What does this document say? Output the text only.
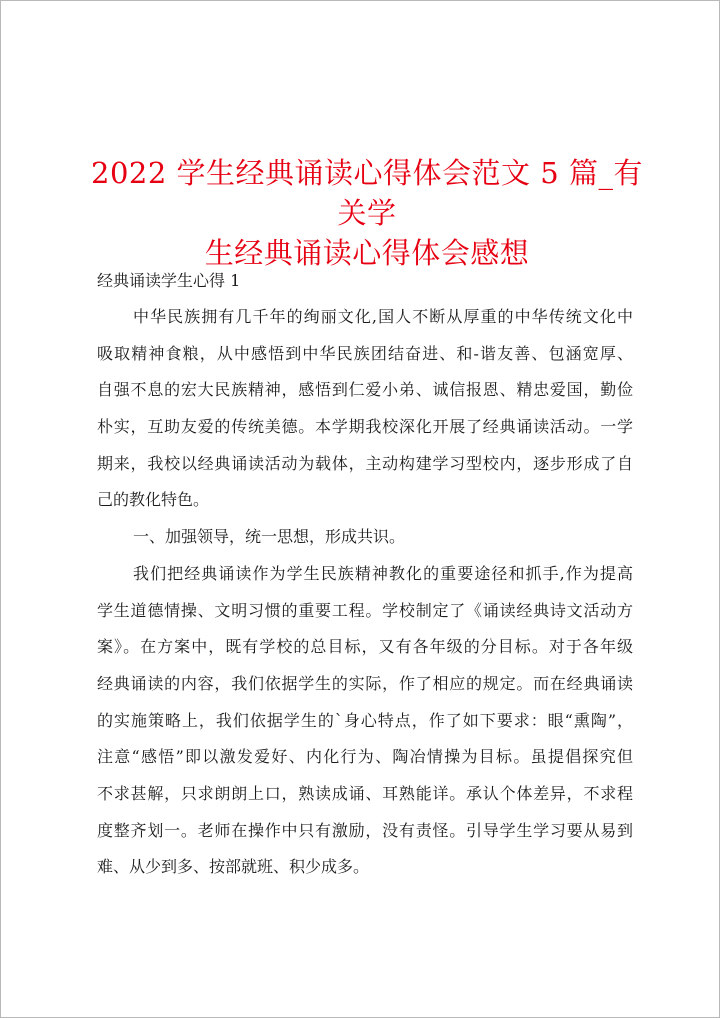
2022 学生经典诵读心得体会范文 5 篇_有关学
生经典诵读心得体会感想

经典诵读学生心得 1

中华民族拥有几千年的绚丽文化,国人不断从厚重的中华传统文化中
吸取精神食粮，从中感悟到中华民族团结奋进、和-谐友善、包涵宽厚、
自强不息的宏大民族精神，感悟到仁爱小弟、诚信报恩、精忠爱国，勤俭
朴实，互助友爱的传统美德。本学期我校深化开展了经典诵读活动。一学
期来，我校以经典诵读活动为载体，主动构建学习型校内，逐步形成了自
己的教化特色。

一、加强领导，统一思想，形成共识。

我们把经典诵读作为学生民族精神教化的重要途径和抓手,作为提高
学生道德情操、文明习惯的重要工程。学校制定了《诵读经典诗文活动方
案》。在方案中，既有学校的总目标，又有各年级的分目标。对于各年级
经典诵读的内容，我们依据学生的实际，作了相应的规定。而在经典诵读
的实施策略上，我们依据学生的`身心特点，作了如下要求：眼“熏陶”，
注意“感悟”即以激发爱好、内化行为、陶冶情操为目标。虽提倡探究但
不求甚解，只求朗朗上口，熟读成诵、耳熟能详。承认个体差异，不求程
度整齐划一。老师在操作中只有激励，没有责怪。引导学生学习要从易到
难、从少到多、按部就班、积少成多。
